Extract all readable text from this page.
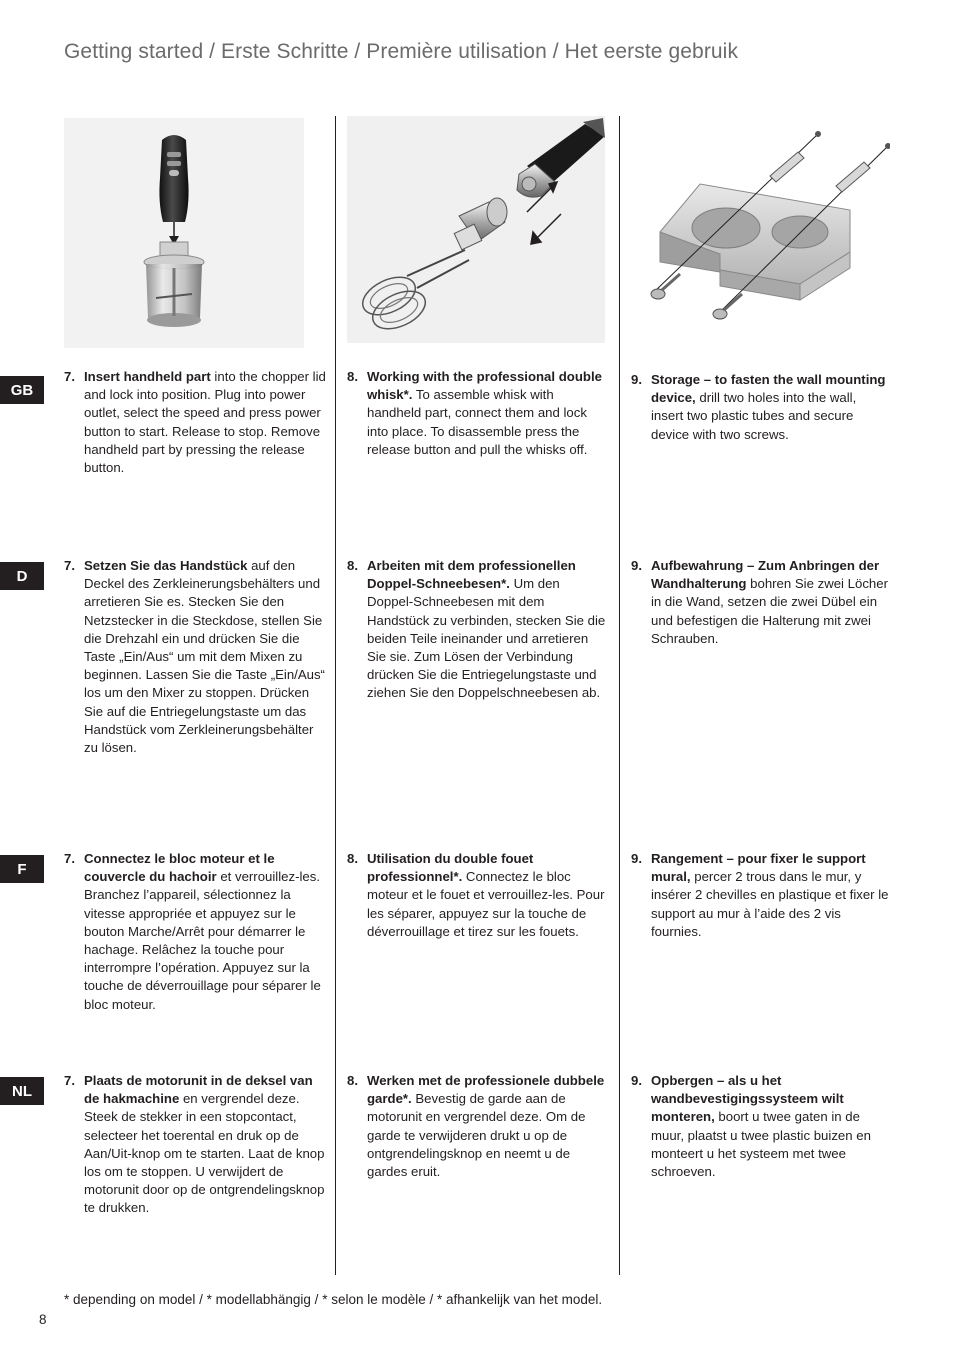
Getting started / Erste Schritte / Première utilisation / Het eerste gebruik
GB
7. Insert handheld part into the chopper lid and lock into position. Plug into power outlet, select the speed and press power button to start. Release to stop. Remove handheld part by pressing the release button.
8. Working with the professional double whisk*. To assemble whisk with handheld part, connect them and lock into place. To disassemble press the release button and pull the whisks off.
9. Storage – to fasten the wall mounting device, drill two holes into the wall, insert two plastic tubes and secure device with two screws.
D
7. Setzen Sie das Handstück auf den Deckel des Zerkleinerungsbehälters und arretieren Sie es. Stecken Sie den Netzstecker in die Steckdose, stellen Sie die Drehzahl ein und drücken Sie die Taste „Ein/Aus“ um mit dem Mixen zu beginnen. Lassen Sie die Taste „Ein/Aus“ los um den Mixer zu stoppen. Drücken Sie auf die Entriegelungstaste um das Handstück vom Zerkleinerungsbehälter zu lösen.
8. Arbeiten mit dem professionellen Doppel-Schneebesen*. Um den Doppel-Schneebesen mit dem Handstück zu verbinden, stecken Sie die beiden Teile ineinander und arretieren Sie sie. Zum Lösen der Verbindung drücken Sie die Entriegelungstaste und ziehen Sie den Doppelschneebesen ab.
9. Aufbewahrung – Zum Anbringen der Wandhalterung bohren Sie zwei Löcher in die Wand, setzen die zwei Dübel ein und befestigen die Halterung mit zwei Schrauben.
F
7. Connectez le bloc moteur et le couvercle du hachoir et verrouillez-les. Branchez l’appareil, sélectionnez la vitesse appropriée et appuyez sur le bouton Marche/Arrêt pour démarrer le hachage. Relâchez la touche pour interrompre l’opération. Appuyez sur la touche de déverrouillage pour séparer le bloc moteur.
8. Utilisation du double fouet professionnel*. Connectez le bloc moteur et le fouet et verrouillez-les. Pour les séparer, appuyez sur la touche de déverrouillage et tirez sur les fouets.
9. Rangement – pour fixer le support mural, percer 2 trous dans le mur, y insérer 2 chevilles en plastique et fixer le support au mur à l’aide des 2 vis fournies.
NL
7. Plaats de motorunit in de deksel van de hakmachine en vergrendel deze. Steek de stekker in een stopcontact, selecteer het toerental en druk op de Aan/Uit-knop om te starten. Laat de knop los om te stoppen. U verwijdert de motorunit door op de ontgrendelingsknop te drukken.
8. Werken met de professionele dubbele garde*. Bevestig de garde aan de motorunit en vergrendel deze. Om de garde te verwijderen drukt u op de ontgrendelingsknop en neemt u de gardes eruit.
9. Opbergen – als u het wandbevestigingssysteem wilt monteren, boort u twee gaten in de muur, plaatst u twee plastic buizen en monteert u het systeem met twee schroeven.
* depending on model / * modellabhängig / * selon le modèle / * afhankelijk van het model.
8
